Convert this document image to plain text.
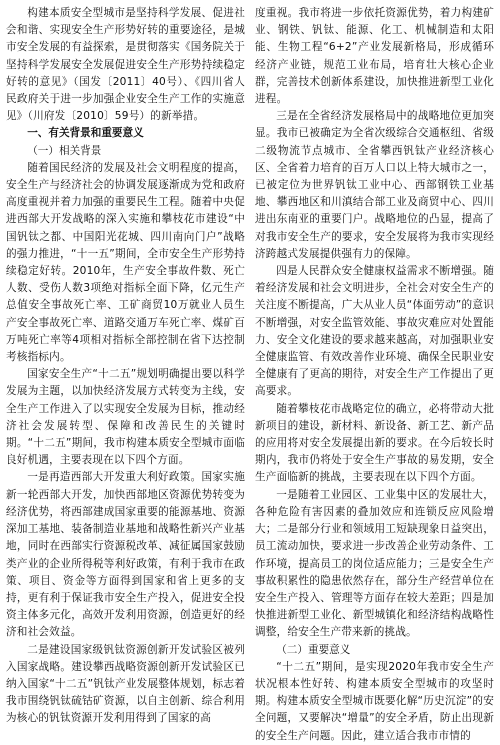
构建本质安全型城市是坚持科学发展、促进社会和谐、实现安全生产形势好转的重要途径，是城市安全发展的有益探索，是贯彻落实《国务院关于坚持科学发展安全发展促进安全生产形势持续稳定好转的意见》（国发〔2011〕40号）、《四川省人民政府关于进一步加强企业安全生产工作的实施意见》（川府发〔2010〕59号）的新举措。

一、有关背景和重要意义

（一）相关背景

随着国民经济的发展及社会文明程度的提高，安全生产与经济社会的协调发展逐渐成为党和政府高度重视并着力加强的重要民生工程。随着中央促进西部大开发战略的深入实施和攀枝花市建设“中国钒钛之都、中国阳光花城、四川南向门户”战略的强力推进，“十一五”期间，全市安全生产形势持续稳定好转。2010年，生产安全事故件数、死亡人数、受伤人数3项绝对指标全面下降，亿元生产总值安全事故死亡率、工矿商贸10万就业人员生产安全事故死亡率、道路交通万车死亡率、煤矿百万吨死亡率等4项相对指标全部控制在省下达控制考核指标内。

国家安全生产“十二五”规划明确提出要以科学发展为主题，以加快经济发展方式转变为主线，安全生产工作进入了以实现安全发展为目标，推动经济社会发展转型、保障和改善民生的关键时期。“十二五”期间，我市构建本质安全型城市面临良好机遇，主要表现在以下四个方面。

一是再造西部大开发重大利好政策。国家实施新一轮西部大开发，加快西部地区资源优势转变为经济优势，将西部建成国家重要的能源基地、资源深加工基地、装备制造业基地和战略性新兴产业基地，同时在西部实行资源税改革、减征属国家鼓励类产业的企业所得税等利好政策，有利于我市在政策、项目、资金等方面得到国家和省上更多的支持，更有利于保证我市安全生产投入，促进安全投资主体多元化，高效开发利用资源，创造更好的经济和社会效益。

二是建设国家级钒钛资源创新开发试验区被列入国家战略。建设攀西战略资源创新开发试验区已纳入国家“十二五”钒钛产业发展整体规划，标志着我市围绕钒钛硫钴矿资源，以自主创新、综合利用为核心的钒钛资源开发利用得到了国家的高

度重视。我市将进一步依托资源优势，着力构建矿业、钢铁、钒钛、能源、化工、机械制造和太阳能、生物工程“6+2”产业发展新格局，形成循环经济产业链，规范工业布局，培育壮大核心企业群，完善技术创新体系建设，加快推进新型工业化进程。

三是在全省经济发展格局中的战略地位更加突显。我市已被确定为全省次级综合交通枢纽、省级二级物流节点城市、全省攀西钒钛产业经济核心区、全省着力培育的百万人口以上特大城市之一，已被定位为世界钒钛工业中心、西部钢铁工业基地、攀西地区和川滇结合部工业及商贸中心、四川进出东南亚的重要门户。战略地位的凸显，提高了对我市安全生产的要求，安全发展将为我市实现经济跨越式发展提供强有力的保障。

四是人民群众安全健康权益需求不断增强。随着经济发展和社会文明进步，全社会对安全生产的关注度不断提高，广大从业人员“体面劳动”的意识不断增强，对安全监管效能、事故灾难应对处置能力、安全文化建设的要求越来越高，对加强职业安全健康监管、有效改善作业环境、确保全民职业安全健康有了更高的期待，对安全生产工作提出了更高要求。

随着攀枝花市战略定位的确立，必将带动大批新项目的建设，新材料、新设备、新工艺、新产品的应用将对安全发展提出新的要求。在今后较长时期内，我市仍将处于安全生产事故的易发期，安全生产面临新的挑战，主要表现在以下四个方面。

一是随着工业园区、工业集中区的发展壮大，各种危险有害因素的叠加效应和连锁反应风险增大；二是部分行业和领域用工短缺现象日益突出，员工流动加快，要求进一步改善企业劳动条件、工作环境，提高员工的岗位适应能力；三是安全生产事故积累性的隐患依然存在，部分生产经营单位在安全生产投入、管理等方面存在较大差距；四是加快推进新型工业化、新型城镇化和经济结构战略性调整，给安全生产带来新的挑战。

（二）重要意义

“十二五”期间，是实现2020年我市安全生产状况根本性好转、构建本质安全型城市的攻坚时期。构建本质安全型城市既要化解“历史沉淀”的安全问题，又要解决“增量”的安全矛盾，防止出现新的安全生产问题。因此，建立适合我市市情的
